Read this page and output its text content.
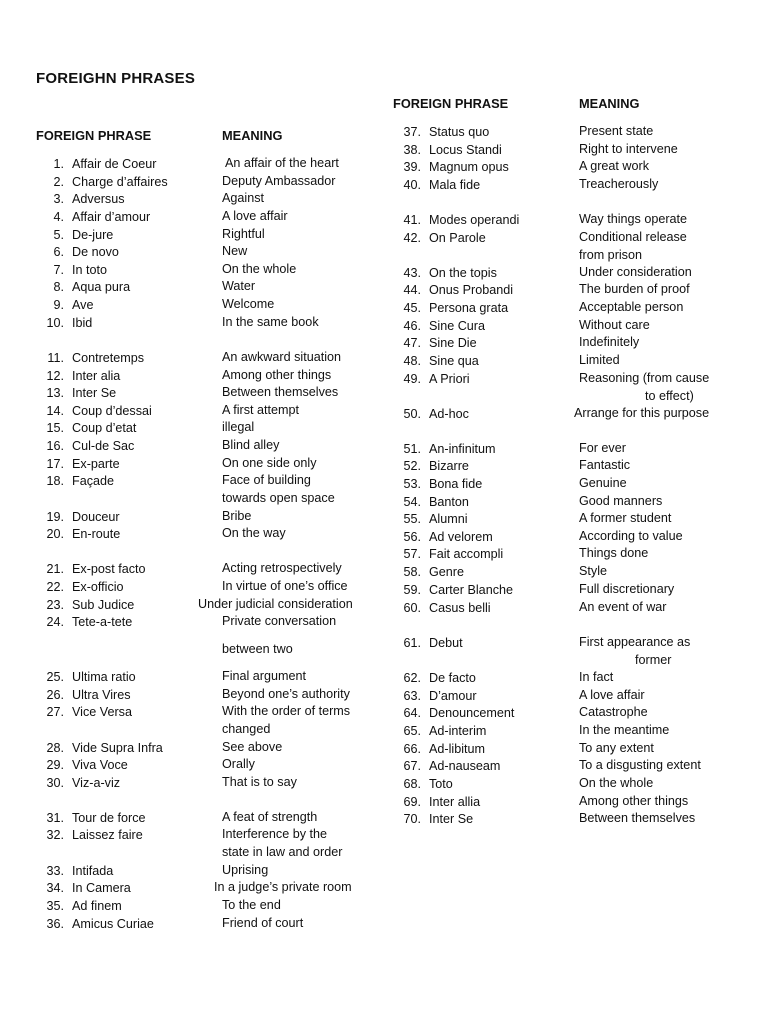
FOREIGHN PHRASES
FOREIGN PHRASE	MEANING
FOREIGN PHRASE	MEANING
1. Affair de Coeur	An affair of the heart
2. Charge d’affaires	Deputy Ambassador
3. Adversus	Against
4. Affair d’amour	A love affair
5. De-jure	Rightful
6. De novo	New
7. In toto	On the whole
8. Aqua pura	Water
9. Ave	Welcome
10. Ibid	In the same book
11. Contretemps	An awkward situation
12. Inter alia	Among other things
13. Inter Se	Between themselves
14. Coup d’dessai	A first attempt
15. Coup d’etat	illegal
16. Cul-de Sac	Blind alley
17. Ex-parte	On one side only
18. Façade	Face of building
towards open space
19. Douceur	Bribe
20. En-route	On the way
21. Ex-post facto	Acting retrospectively
22. Ex-officio	In virtue of one’s office
23. Sub Judice	Under judicial consideration
24. Tete-a-tete	Private conversation
between two
25. Ultima ratio	Final argument
26. Ultra Vires	Beyond one’s authority
27. Vice Versa	With the order of terms
changed
28. Vide Supra Infra	See above
29. Viva Voce	Orally
30. Viz-a-viz	That is to say
31. Tour de force	A feat of strength
32. Laissez faire	Interference by the
state in law and order
33. Intifada	Uprising
34. In Camera	In a judge’s private room
35. Ad finem	To the end
36. Amicus Curiae	Friend of court
37. Status quo	Present state
38. Locus Standi	Right to intervene
39. Magnum opus	A great work
40. Mala fide	Treacherously
41. Modes operandi	Way things operate
42. On Parole	Conditional release
from prison
43. On the topis	Under consideration
44. Onus Probandi	The burden of proof
45. Persona grata	Acceptable person
46. Sine Cura	Without care
47. Sine Die	Indefinitely
48. Sine qua	Limited
49. A Priori	Reasoning (from cause
to effect)
50. Ad-hoc	Arrange for this purpose
51. An-infinitum	For ever
52. Bizarre	Fantastic
53. Bona fide	Genuine
54. Banton	Good manners
55. Alumni	A former student
56. Ad velorem	According to value
57. Fait accompli	Things done
58. Genre	Style
59. Carter Blanche	Full discretionary
60. Casus belli	An event of war
61. Debut	First appearance as
former
62. De facto	In fact
63. D’amour	A love affair
64. Denouncement	Catastrophe
65. Ad-interim	In the meantime
66. Ad-libitum	To any extent
67. Ad-nauseam	To a disgusting extent
68. Toto	On the whole
69. Inter allia	Among other things
70. Inter Se	Between themselves
